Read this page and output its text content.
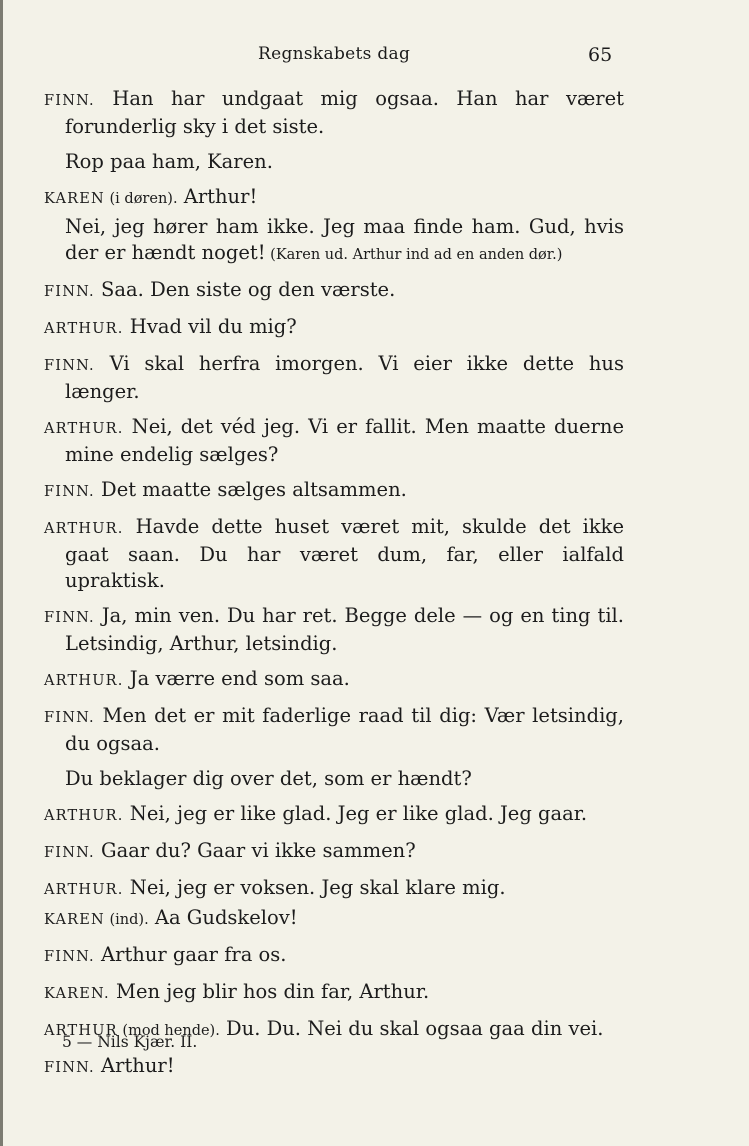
Regnskabets dag	65

FINN. Han har undgaat mig ogsaa. Han har været forunderlig sky i det siste.

Rop paa ham, Karen.

KAREN (i døren). Arthur!

Nei, jeg hører ham ikke. Jeg maa finde ham. Gud, hvis der er hændt noget! (Karen ud. Arthur ind ad en anden dør.)

FINN. Saa. Den siste og den værste.

ARTHUR. Hvad vil du mig?

FINN. Vi skal herfra imorgen. Vi eier ikke dette hus længer.

ARTHUR. Nei, det véd jeg. Vi er fallit. Men maatte duerne mine endelig sælges?

FINN. Det maatte sælges altsammen.

ARTHUR. Havde dette huset været mit, skulde det ikke gaat saan. Du har været dum, far, eller ialfald upraktisk.

FINN. Ja, min ven. Du har ret. Begge dele — og en ting til. Letsindig, Arthur, letsindig.

ARTHUR. Ja værre end som saa.

FINN. Men det er mit faderlige raad til dig: Vær letsindig, du ogsaa.

Du beklager dig over det, som er hændt?

ARTHUR. Nei, jeg er like glad. Jeg er like glad. Jeg gaar.

FINN. Gaar du? Gaar vi ikke sammen?

ARTHUR. Nei, jeg er voksen. Jeg skal klare mig.

KAREN (ind). Aa Gudskelov!

FINN. Arthur gaar fra os.

KAREN. Men jeg blir hos din far, Arthur.

ARTHUR (mod hende). Du. Du. Nei du skal ogsaa gaa din vei.

FINN. Arthur!

5 — Nils Kjær. II.
